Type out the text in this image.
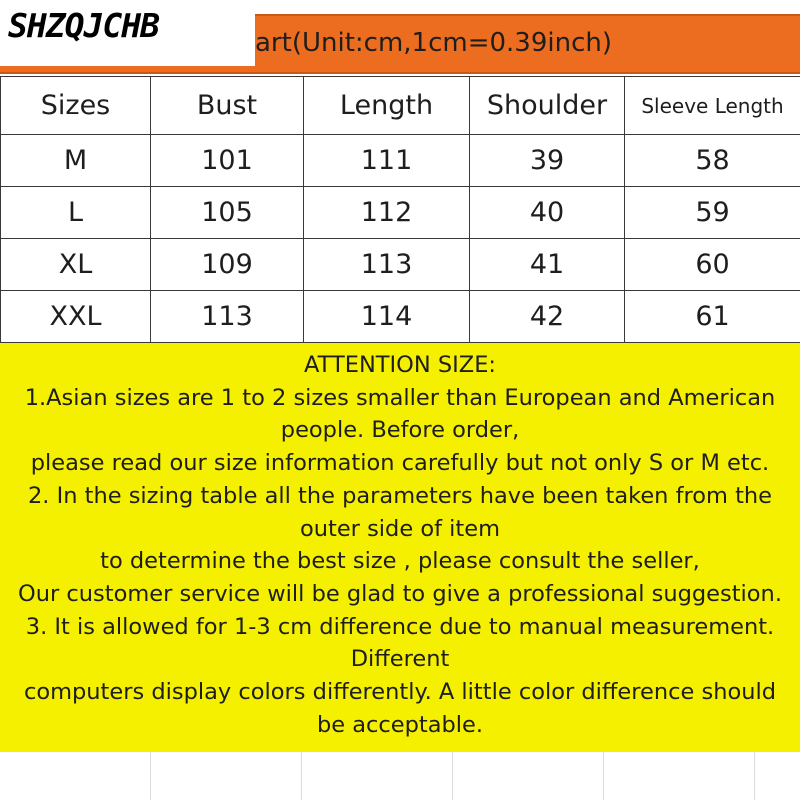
art(Unit:cm,1cm=0.39inch)
SHZQJCHB
Sizes	Bust	Length	Shoulder	Sleeve Length
M	101	111	39	58
L	105	112	40	59
XL	109	113	41	60
XXL	113	114	42	61

ATTENTION SIZE:

1.Asian sizes are 1 to 2 sizes smaller than European and American

people. Before order,

please read our size information carefully but not only S or M etc.

2. In the sizing table all the parameters have been taken from the

outer side of item

to determine the best size , please consult the seller,

Our customer service will be glad to give a professional suggestion.

3. It is allowed for 1-3 cm difference due to manual measurement.

Different

computers display colors differently. A little color difference should

be acceptable.
